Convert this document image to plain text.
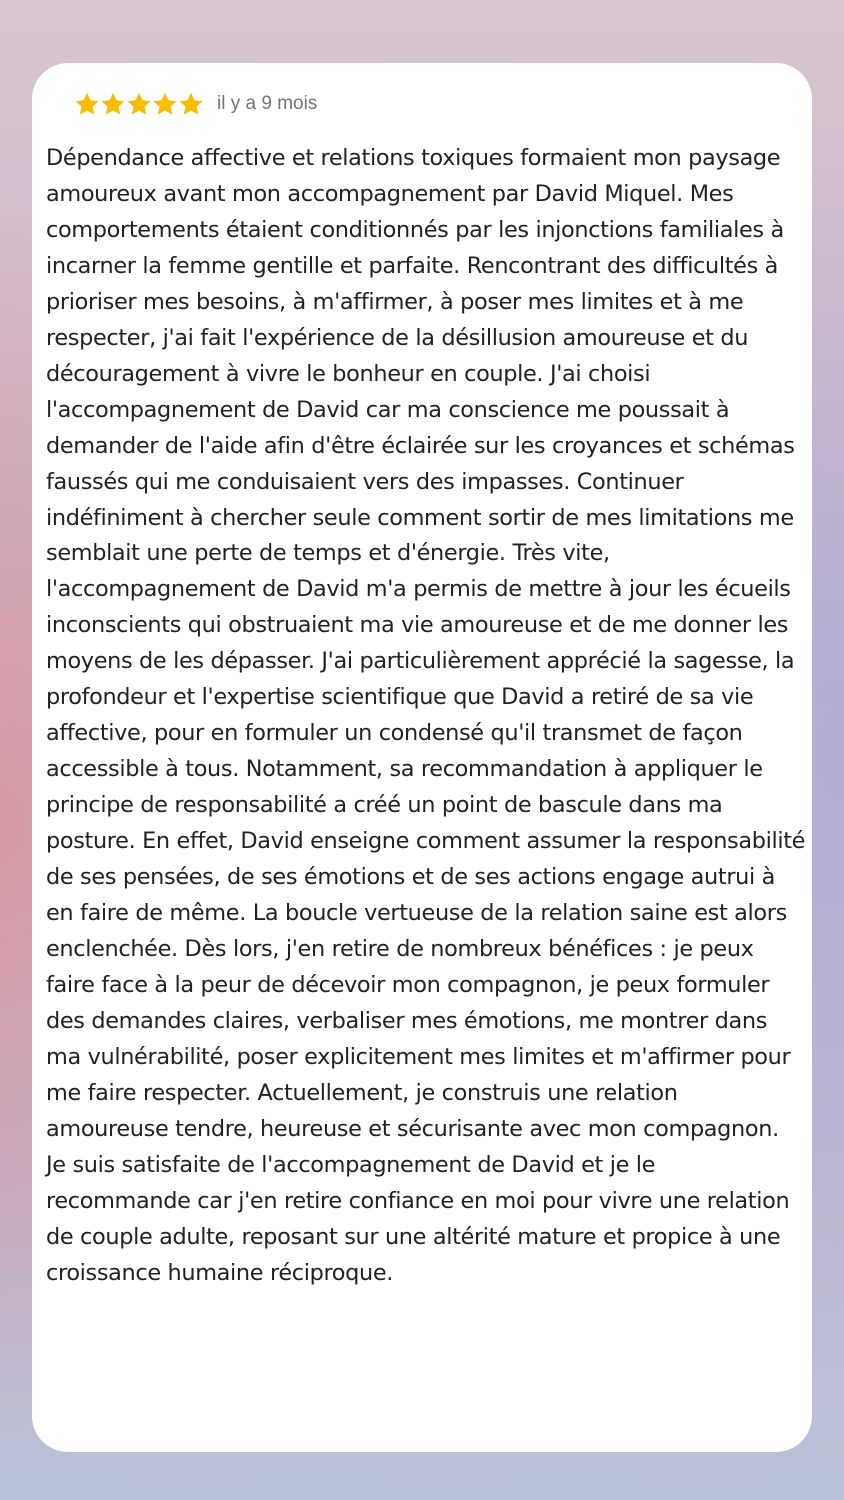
il y a 9 mois

Dépendance affective et relations toxiques formaient mon paysage amoureux avant mon accompagnement par David Miquel. Mes comportements étaient conditionnés par les injonctions familiales à incarner la femme gentille et parfaite. Rencontrant des difficultés à prioriser mes besoins, à m'affirmer, à poser mes limites et à me respecter, j'ai fait l'expérience de la désillusion amoureuse et du découragement à vivre le bonheur en couple. J'ai choisi l'accompagnement de David car ma conscience me poussait à demander de l'aide afin d'être éclairée sur les croyances et schémas faussés qui me conduisaient vers des impasses. Continuer indéfiniment à chercher seule comment sortir de mes limitations me semblait une perte de temps et d'énergie. Très vite, l'accompagnement de David m'a permis de mettre à jour les écueils inconscients qui obstruaient ma vie amoureuse et de me donner les moyens de les dépasser. J'ai particulièrement apprécié la sagesse, la profondeur et l'expertise scientifique que David a retiré de sa vie affective, pour en formuler un condensé qu'il transmet de façon accessible à tous. Notamment, sa recommandation à appliquer le principe de responsabilité a créé un point de bascule dans ma posture. En effet, David enseigne comment assumer la responsabilité de ses pensées, de ses émotions et de ses actions engage autrui à en faire de même. La boucle vertueuse de la relation saine est alors enclenchée. Dès lors, j'en retire de nombreux bénéfices : je peux faire face à la peur de décevoir mon compagnon, je peux formuler des demandes claires, verbaliser mes émotions, me montrer dans ma vulnérabilité, poser explicitement mes limites et m'affirmer pour me faire respecter. Actuellement, je construis une relation amoureuse tendre, heureuse et sécurisante avec mon compagnon.

Je suis satisfaite de l'accompagnement de David et je le recommande car j'en retire confiance en moi pour vivre une relation de couple adulte, reposant sur une altérité mature et propice à une croissance humaine réciproque.
